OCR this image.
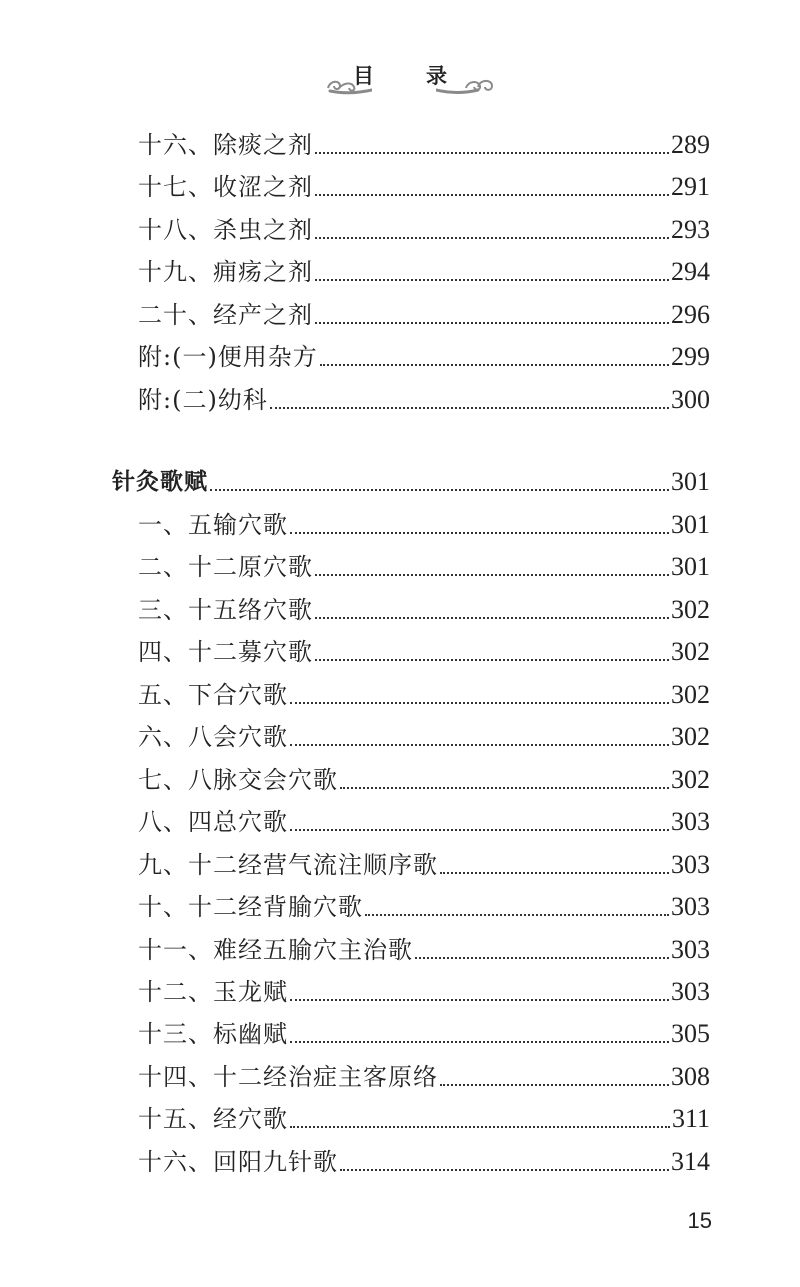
目 录
十六、除痰之剂	289
十七、收涩之剂	291
十八、杀虫之剂	293
十九、痈疡之剂	294
二十、经产之剂	296
附:(一)便用杂方	299
附:(二)幼科	300
针灸歌赋	301
一、五输穴歌	301
二、十二原穴歌	301
三、十五络穴歌	302
四、十二募穴歌	302
五、下合穴歌	302
六、八会穴歌	302
七、八脉交会穴歌	302
八、四总穴歌	303
九、十二经营气流注顺序歌	303
十、十二经背腧穴歌	303
十一、难经五腧穴主治歌	303
十二、玉龙赋	303
十三、标幽赋	305
十四、十二经治症主客原络	308
十五、经穴歌	311
十六、回阳九针歌	314
15
